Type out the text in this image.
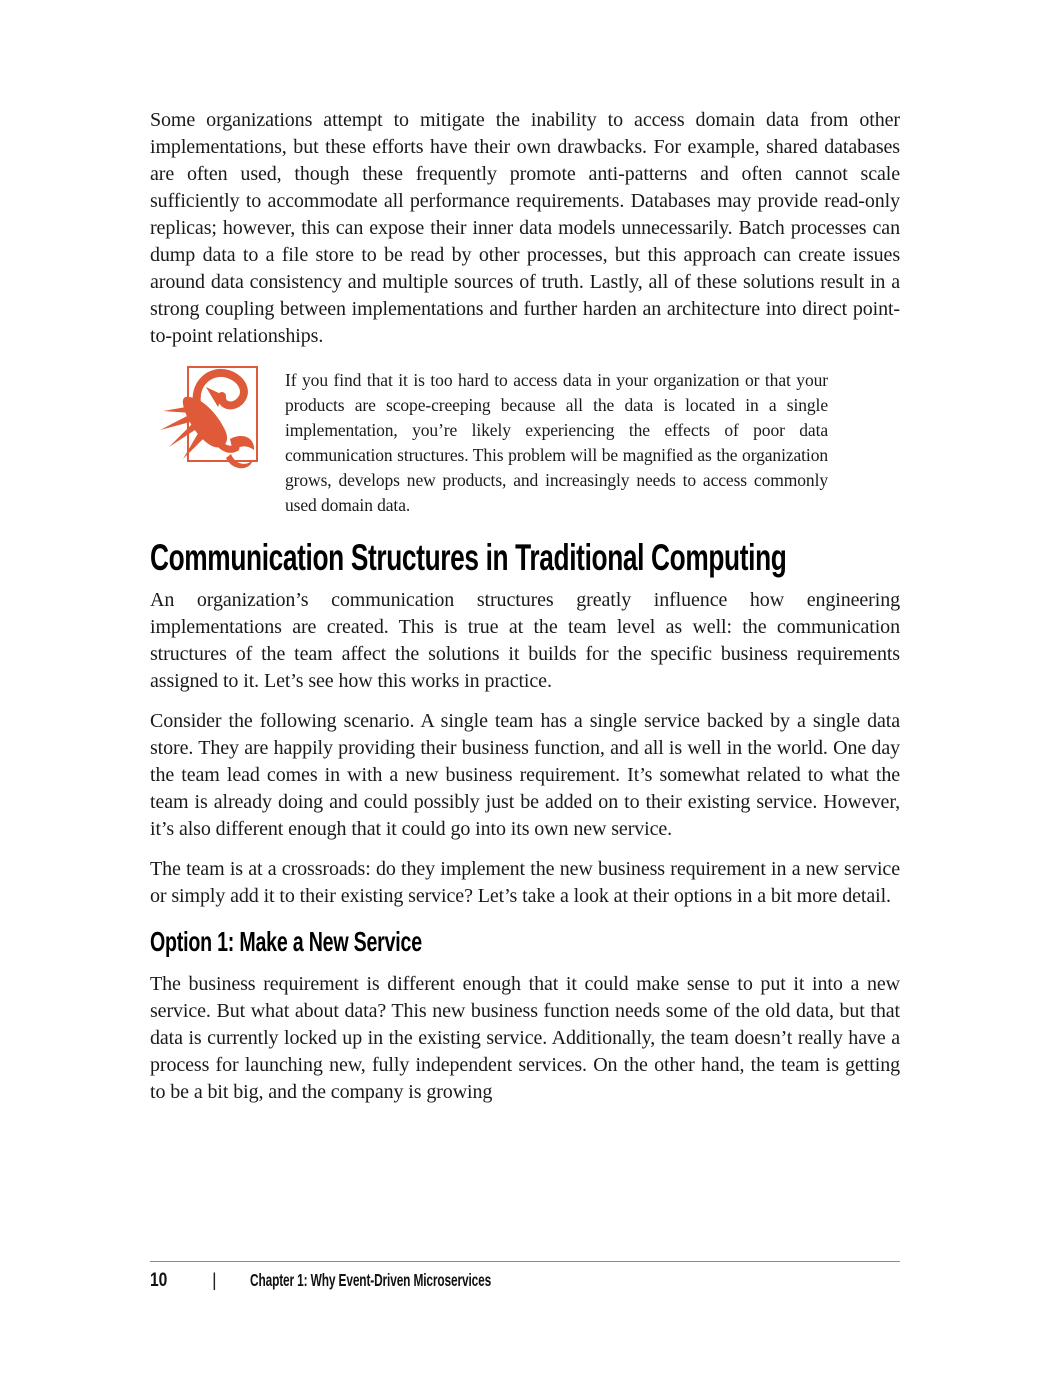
Some organizations attempt to mitigate the inability to access domain data from other implementations, but these efforts have their own drawbacks. For example, shared databases are often used, though these frequently promote anti-patterns and often cannot scale sufficiently to accommodate all performance requirements. Databases may provide read-only replicas; however, this can expose their inner data models unnecessarily. Batch processes can dump data to a file store to be read by other processes, but this approach can create issues around data consistency and multiple sources of truth. Lastly, all of these solutions result in a strong coupling between implementations and further harden an architecture into direct point-to-point relationships.

If you find that it is too hard to access data in your organization or that your products are scope-creeping because all the data is located in a single implementation, you’re likely experiencing the effects of poor data communication structures. This problem will be magnified as the organization grows, develops new products, and increasingly needs to access commonly used domain data.

Communication Structures in Traditional Computing

An organization’s communication structures greatly influence how engineering implementations are created. This is true at the team level as well: the communication structures of the team affect the solutions it builds for the specific business requirements assigned to it. Let’s see how this works in practice.

Consider the following scenario. A single team has a single service backed by a single data store. They are happily providing their business function, and all is well in the world. One day the team lead comes in with a new business requirement. It’s somewhat related to what the team is already doing and could possibly just be added on to their existing service. However, it’s also different enough that it could go into its own new service.

The team is at a crossroads: do they implement the new business requirement in a new service or simply add it to their existing service? Let’s take a look at their options in a bit more detail.

Option 1: Make a New Service

The business requirement is different enough that it could make sense to put it into a new service. But what about data? This new business function needs some of the old data, but that data is currently locked up in the existing service. Additionally, the team doesn’t really have a process for launching new, fully independent services. On the other hand, the team is getting to be a bit big, and the company is growing

10 | Chapter 1: Why Event-Driven Microservices
